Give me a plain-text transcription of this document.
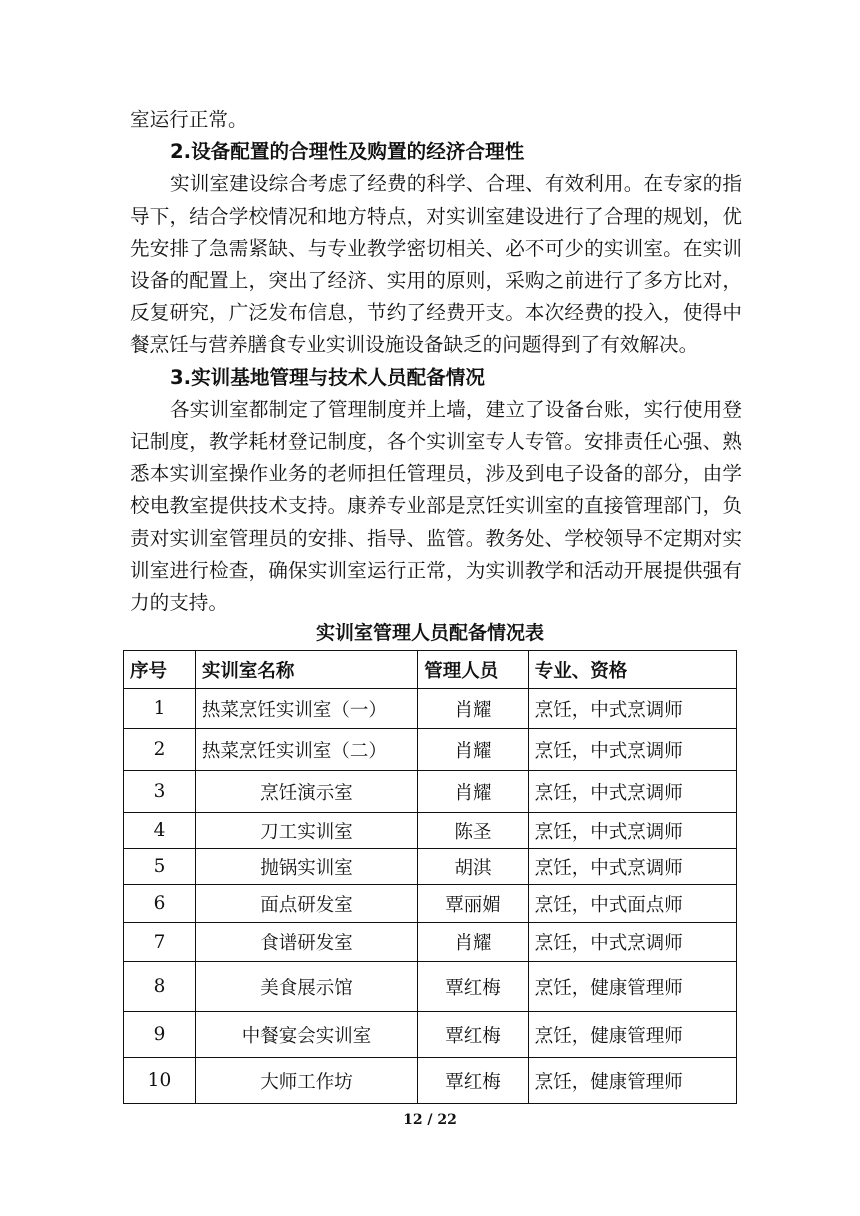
室运行正常。

2.设备配置的合理性及购置的经济合理性

实训室建设综合考虑了经费的科学、合理、有效利用。在专家的指导下，结合学校情况和地方特点，对实训室建设进行了合理的规划，优先安排了急需紧缺、与专业教学密切相关、必不可少的实训室。在实训设备的配置上，突出了经济、实用的原则，采购之前进行了多方比对，反复研究，广泛发布信息，节约了经费开支。本次经费的投入，使得中餐烹饪与营养膳食专业实训设施设备缺乏的问题得到了有效解决。

3.实训基地管理与技术人员配备情况

各实训室都制定了管理制度并上墙，建立了设备台账，实行使用登记制度，教学耗材登记制度，各个实训室专人专管。安排责任心强、熟悉本实训室操作业务的老师担任管理员，涉及到电子设备的部分，由学校电教室提供技术支持。康养专业部是烹饪实训室的直接管理部门，负责对实训室管理员的安排、指导、监管。教务处、学校领导不定期对实训室进行检查，确保实训室运行正常，为实训教学和活动开展提供强有力的支持。

实训室管理人员配备情况表
序号	实训室名称	管理人员	专业、资格
1	热菜烹饪实训室（一）	肖耀	烹饪，中式烹调师
2	热菜烹饪实训室（二）	肖耀	烹饪，中式烹调师
3	烹饪演示室	肖耀	烹饪，中式烹调师
4	刀工实训室	陈圣	烹饪，中式烹调师
5	抛锅实训室	胡淇	烹饪，中式烹调师
6	面点研发室	覃丽媚	烹饪，中式面点师
7	食谱研发室	肖耀	烹饪，中式烹调师
8	美食展示馆	覃红梅	烹饪，健康管理师
9	中餐宴会实训室	覃红梅	烹饪，健康管理师
10	大师工作坊	覃红梅	烹饪，健康管理师
12 / 22
